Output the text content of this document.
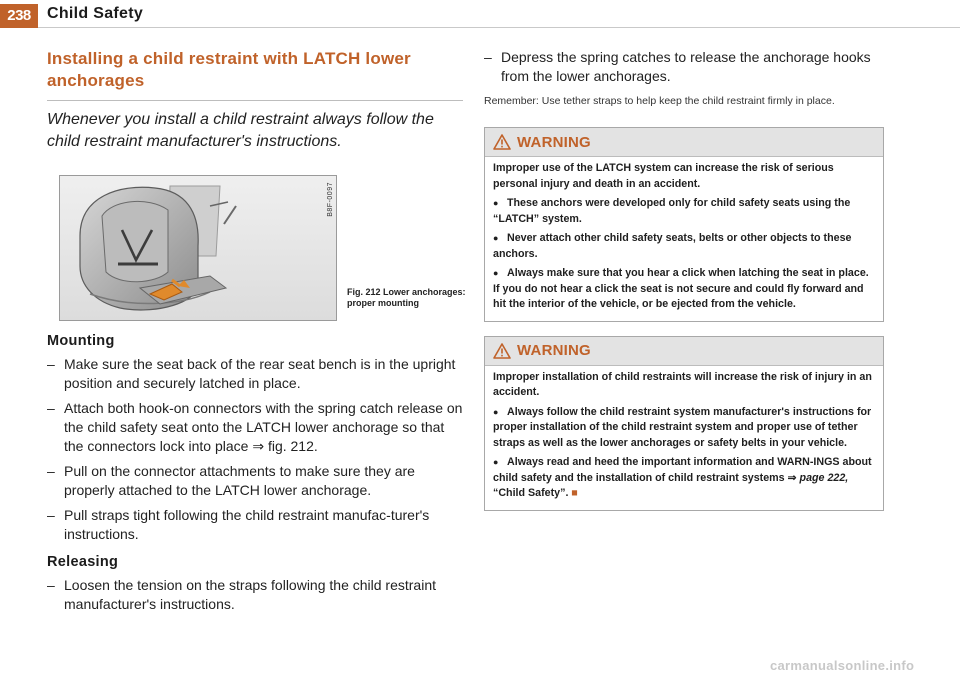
238	Child Safety
Installing a child restraint with LATCH lower anchorages

Whenever you install a child restraint always follow the child restraint manufacturer's instructions.

B8F-0097
Fig. 212 Lower anchorages: proper mounting
Mounting
– Make sure the seat back of the rear seat bench is in the upright position and securely latched in place.
– Attach both hook-on connectors with the spring catch release on the child safety seat onto the LATCH lower anchorage so that the connectors lock into place ⇒ fig. 212.
– Pull on the connector attachments to make sure they are properly attached to the LATCH lower anchorage.
– Pull straps tight following the child restraint manufac-turer's instructions.
Releasing
– Loosen the tension on the straps following the child restraint manufacturer's instructions.
– Depress the spring catches to release the anchorage hooks from the lower anchorages.

Remember: Use tether straps to help keep the child restraint firmly in place.

WARNING

Improper use of the LATCH system can increase the risk of serious personal injury and death in an accident.

● These anchors were developed only for child safety seats using the “LATCH” system.

● Never attach other child safety seats, belts or other objects to these anchors.

● Always make sure that you hear a click when latching the seat in place. If you do not hear a click the seat is not secure and could fly forward and hit the interior of the vehicle, or be ejected from the vehicle.

WARNING

Improper installation of child restraints will increase the risk of injury in an accident.

● Always follow the child restraint system manufacturer's instructions for proper installation of the child restraint system and proper use of tether straps as well as the lower anchorages or safety belts in your vehicle.

● Always read and heed the important information and WARN-INGS about child safety and the installation of child restraint systems ⇒ page 222, “Child Safety”. ■

carmanualsonline.info
